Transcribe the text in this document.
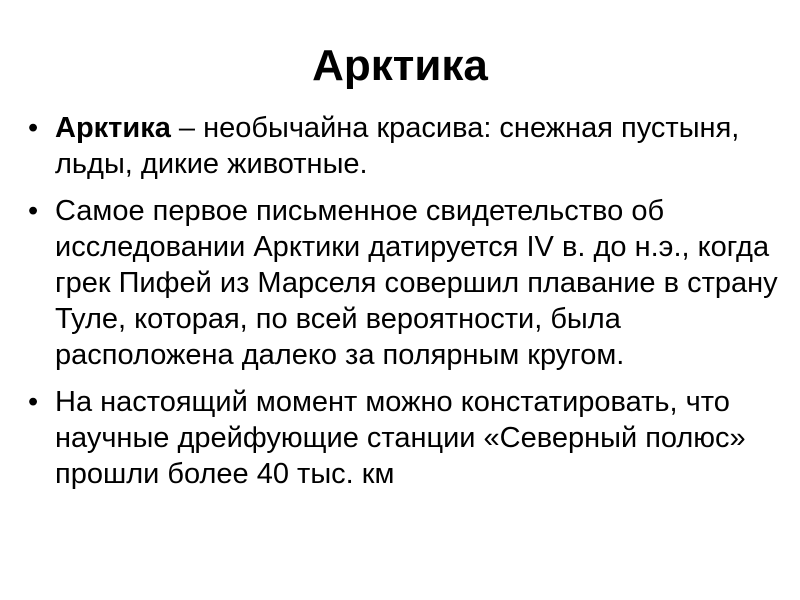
Арктика
• Арктика – необычайна красива: снежная пустыня, льды, дикие животные.
• Самое первое письменное свидетельство об исследовании Арктики датируется IV в. до н.э., когда грек Пифей из Марселя совершил плавание в страну Туле, которая, по всей вероятности, была расположена далеко за полярным кругом.
• На настоящий момент можно констатировать, что научные дрейфующие станции «Северный полюс» прошли более 40 тыс. км
